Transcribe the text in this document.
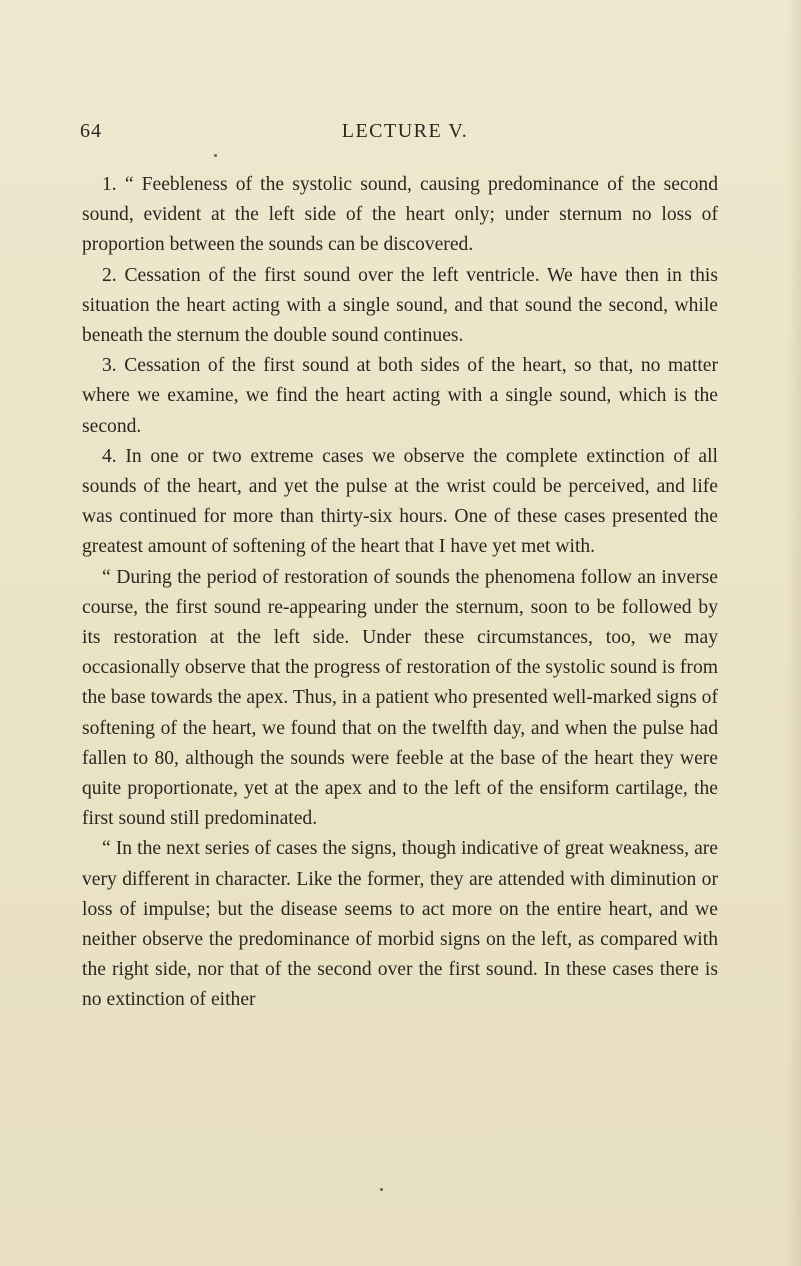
64	LECTURE V.

1. “ Feebleness of the systolic sound, causing predominance of the second sound, evident at the left side of the heart only; under sternum no loss of proportion between the sounds can be discovered.

2. Cessation of the first sound over the left ventricle. We have then in this situation the heart acting with a single sound, and that sound the second, while beneath the sternum the double sound continues.

3. Cessation of the first sound at both sides of the heart, so that, no matter where we examine, we find the heart acting with a single sound, which is the second.

4. In one or two extreme cases we observe the complete extinction of all sounds of the heart, and yet the pulse at the wrist could be perceived, and life was continued for more than thirty-six hours. One of these cases presented the greatest amount of softening of the heart that I have yet met with.

“ During the period of restoration of sounds the phenomena follow an inverse course, the first sound re-appearing under the sternum, soon to be followed by its restoration at the left side. Under these circumstances, too, we may occasionally observe that the progress of restoration of the systolic sound is from the base towards the apex. Thus, in a patient who presented well-marked signs of softening of the heart, we found that on the twelfth day, and when the pulse had fallen to 80, although the sounds were feeble at the base of the heart they were quite proportionate, yet at the apex and to the left of the ensiform cartilage, the first sound still predominated.

“ In the next series of cases the signs, though indicative of great weakness, are very different in character. Like the former, they are attended with diminution or loss of impulse; but the disease seems to act more on the entire heart, and we neither observe the predominance of morbid signs on the left, as compared with the right side, nor that of the second over the first sound. In these cases there is no extinction of either
